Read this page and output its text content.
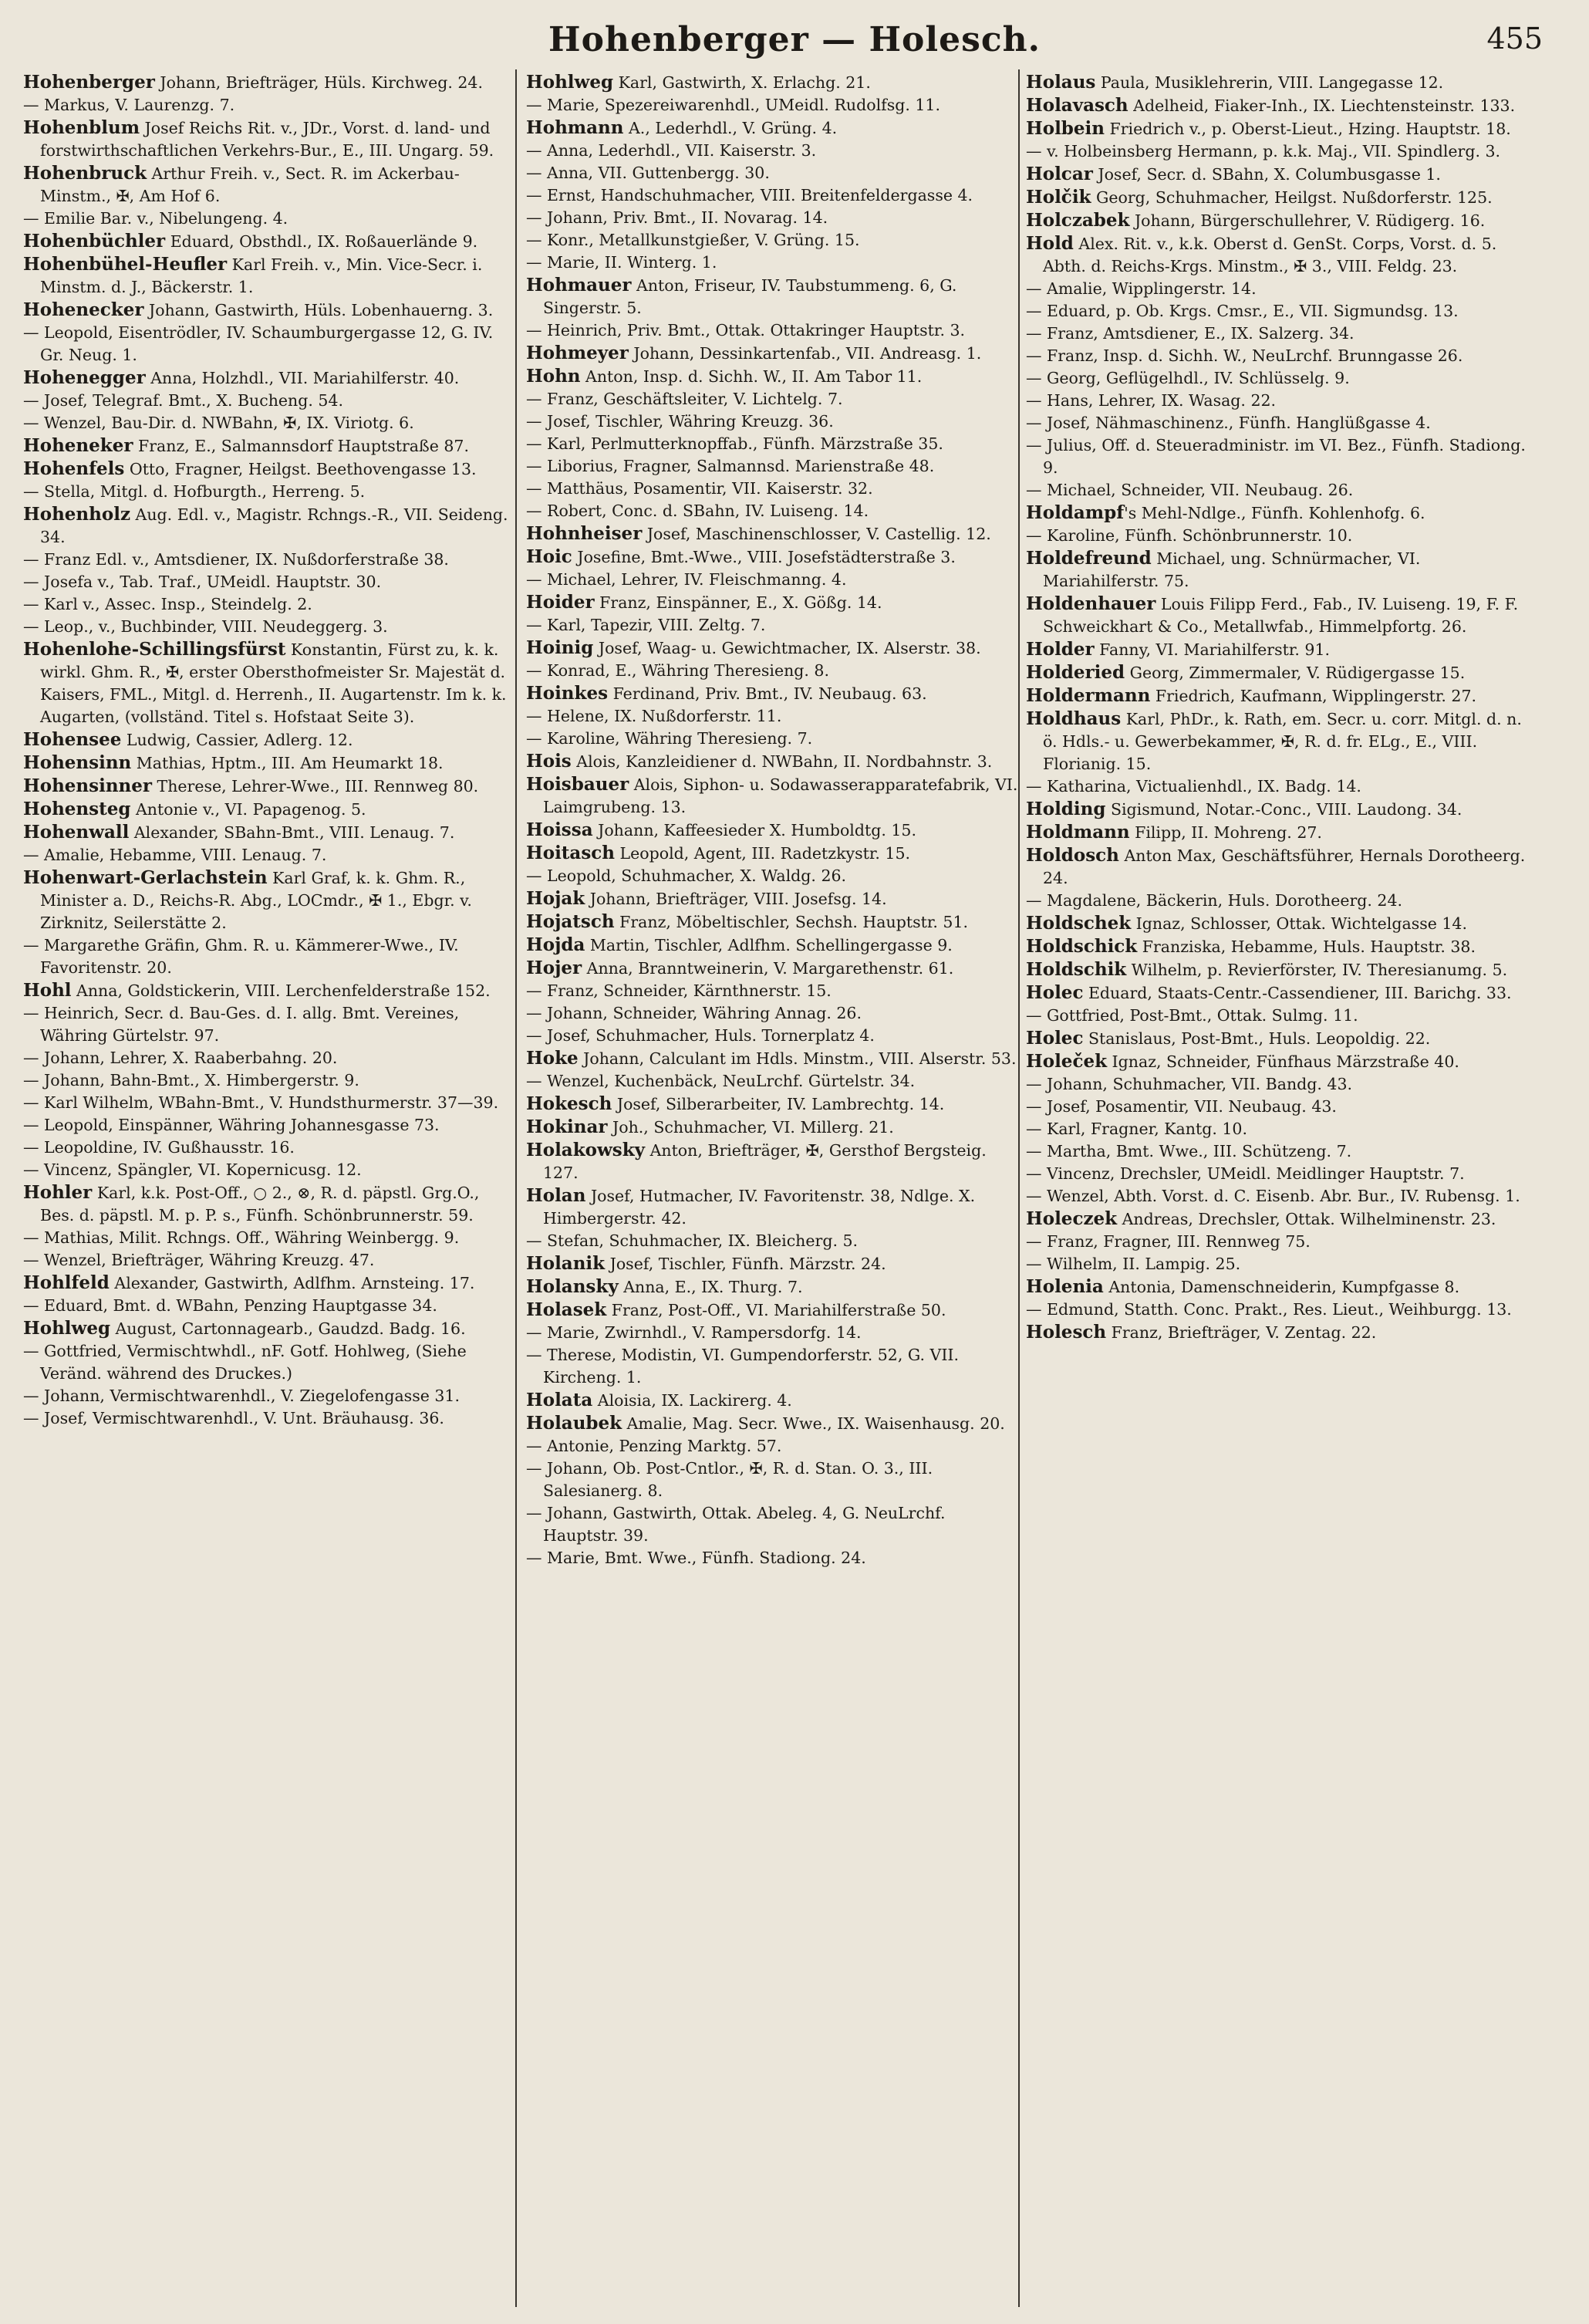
Hohenberger — Holesch.	455

Hohenberger Johann, Briefträger, Hüls. Kirchweg. 24.

— Markus, V. Laurenzg. 7.

Hohenblum Josef Reichs Rit. v., JDr., Vorst. d. land- und forstwirthschaftlichen Verkehrs-Bur., E., III. Ungarg. 59.

Hohenbruck Arthur Freih. v., Sect. R. im Ackerbau-Minstm., ✠, Am Hof 6.

— Emilie Bar. v., Nibelungeng. 4.

Hohenbüchler Eduard, Obsthdl., IX. Roßauerlände 9.

Hohenbühel-Heufler Karl Freih. v., Min. Vice-Secr. i. Minstm. d. J., Bäckerstr. 1.

Hohenecker Johann, Gastwirth, Hüls. Lobenhauerng. 3.

— Leopold, Eisentrödler, IV. Schaumburgergasse 12, G. IV. Gr. Neug. 1.

Hohenegger Anna, Holzhdl., VII. Mariahilferstr. 40.

— Josef, Telegraf. Bmt., X. Bucheng. 54.

— Wenzel, Bau-Dir. d. NWBahn, ✠, IX. Viriotg. 6.

Hoheneker Franz, E., Salmannsdorf Hauptstraße 87.

Hohenfels Otto, Fragner, Heilgst. Beethovengasse 13.

— Stella, Mitgl. d. Hofburgth., Herreng. 5.

Hohenholz Aug. Edl. v., Magistr. Rchngs.-R., VII. Seideng. 34.

— Franz Edl. v., Amtsdiener, IX. Nußdorferstraße 38.

— Josefa v., Tab. Traf., UMeidl. Hauptstr. 30.

— Karl v., Assec. Insp., Steindelg. 2.

— Leop., v., Buchbinder, VIII. Neudeggerg. 3.

Hohenlohe-Schillingsfürst Konstantin, Fürst zu, k. k. wirkl. Ghm. R., ✠, erster Obersthofmeister Sr. Majestät d. Kaisers, FML., Mitgl. d. Herrenh., II. Augartenstr. Im k. k. Augarten, (vollständ. Titel s. Hofstaat Seite 3).

Hohensee Ludwig, Cassier, Adlerg. 12.

Hohensinn Mathias, Hptm., III. Am Heumarkt 18.

Hohensinner Therese, Lehrer-Wwe., III. Rennweg 80.

Hohensteg Antonie v., VI. Papagenog. 5.

Hohenwall Alexander, SBahn-Bmt., VIII. Lenaug. 7.

— Amalie, Hebamme, VIII. Lenaug. 7.

Hohenwart-Gerlachstein Karl Graf, k. k. Ghm. R., Minister a. D., Reichs-R. Abg., LOCmdr., ✠ 1., Ebgr. v. Zirknitz, Seilerstätte 2.

— Margarethe Gräfin, Ghm. R. u. Kämmerer-Wwe., IV. Favoritenstr. 20.

Hohl Anna, Goldstickerin, VIII. Lerchenfelderstraße 152.

— Heinrich, Secr. d. Bau-Ges. d. I. allg. Bmt. Vereines, Währing Gürtelstr. 97.

— Johann, Lehrer, X. Raaberbahng. 20.

— Johann, Bahn-Bmt., X. Himbergerstr. 9.

— Karl Wilhelm, WBahn-Bmt., V. Hundsthurmerstr. 37—39.

— Leopold, Einspänner, Währing Johannesgasse 73.

— Leopoldine, IV. Gußhausstr. 16.

— Vincenz, Spängler, VI. Kopernicusg. 12.

Hohler Karl, k.k. Post-Off., ○ 2., ⊗, R. d. päpstl. Grg.O., Bes. d. päpstl. M. p. P. s., Fünfh. Schönbrunnerstr. 59.

— Mathias, Milit. Rchngs. Off., Währing Weinbergg. 9.

— Wenzel, Briefträger, Währing Kreuzg. 47.

Hohlfeld Alexander, Gastwirth, Adlfhm. Arnsteing. 17.

— Eduard, Bmt. d. WBahn, Penzing Hauptgasse 34.

Hohlweg August, Cartonnagearb., Gaudzd. Badg. 16.

— Gottfried, Vermischtwhdl., nF. Gotf. Hohlweg, (Siehe Veränd. während des Druckes.)

— Johann, Vermischtwarenhdl., V. Ziegelofengasse 31.

— Josef, Vermischtwarenhdl., V. Unt. Bräuhausg. 36.

Hohlweg Karl, Gastwirth, X. Erlachg. 21.

— Marie, Spezereiwarenhdl., UMeidl. Rudolfsg. 11.

Hohmann A., Lederhdl., V. Grüng. 4.

— Anna, Lederhdl., VII. Kaiserstr. 3.

— Anna, VII. Guttenbergg. 30.

— Ernst, Handschuhmacher, VIII. Breitenfeldergasse 4.

— Johann, Priv. Bmt., II. Novarag. 14.

— Konr., Metallkunstgießer, V. Grüng. 15.

— Marie, II. Winterg. 1.

Hohmauer Anton, Friseur, IV. Taubstummeng. 6, G. Singerstr. 5.

— Heinrich, Priv. Bmt., Ottak. Ottakringer Hauptstr. 3.

Hohmeyer Johann, Dessinkartenfab., VII. Andreasg. 1.

Hohn Anton, Insp. d. Sichh. W., II. Am Tabor 11.

— Franz, Geschäftsleiter, V. Lichtelg. 7.

— Josef, Tischler, Währing Kreuzg. 36.

— Karl, Perlmutterknopffab., Fünfh. Märzstraße 35.

— Liborius, Fragner, Salmannsd. Marienstraße 48.

— Matthäus, Posamentir, VII. Kaiserstr. 32.

— Robert, Conc. d. SBahn, IV. Luiseng. 14.

Hohnheiser Josef, Maschinenschlosser, V. Castellig. 12.

Hoic Josefine, Bmt.-Wwe., VIII. Josefstädterstraße 3.

— Michael, Lehrer, IV. Fleischmanng. 4.

Hoider Franz, Einspänner, E., X. Gößg. 14.

— Karl, Tapezir, VIII. Zeltg. 7.

Hoinig Josef, Waag- u. Gewichtmacher, IX. Alserstr. 38.

— Konrad, E., Währing Theresieng. 8.

Hoinkes Ferdinand, Priv. Bmt., IV. Neubaug. 63.

— Helene, IX. Nußdorferstr. 11.

— Karoline, Währing Theresieng. 7.

Hois Alois, Kanzleidiener d. NWBahn, II. Nordbahnstr. 3.

Hoisbauer Alois, Siphon- u. Sodawasserapparatefabrik, VI. Laimgrubeng. 13.

Hoissa Johann, Kaffeesieder X. Humboldtg. 15.

Hoitasch Leopold, Agent, III. Radetzkystr. 15.

— Leopold, Schuhmacher, X. Waldg. 26.

Hojak Johann, Briefträger, VIII. Josefsg. 14.

Hojatsch Franz, Möbeltischler, Sechsh. Hauptstr. 51.

Hojda Martin, Tischler, Adlfhm. Schellingergasse 9.

Hojer Anna, Branntweinerin, V. Margarethenstr. 61.

— Franz, Schneider, Kärnthnerstr. 15.

— Johann, Schneider, Währing Annag. 26.

— Josef, Schuhmacher, Huls. Tornerplatz 4.

Hoke Johann, Calculant im Hdls. Minstm., VIII. Alserstr. 53.

— Wenzel, Kuchenbäck, NeuLrchf. Gürtelstr. 34.

Hokesch Josef, Silberarbeiter, IV. Lambrechtg. 14.

Hokinar Joh., Schuhmacher, VI. Millerg. 21.

Holakowsky Anton, Briefträger, ✠, Gersthof Bergsteig. 127.

Holan Josef, Hutmacher, IV. Favoritenstr. 38, Ndlge. X. Himbergerstr. 42.

— Stefan, Schuhmacher, IX. Bleicherg. 5.

Holanik Josef, Tischler, Fünfh. Märzstr. 24.

Holansky Anna, E., IX. Thurg. 7.

Holasek Franz, Post-Off., VI. Mariahilferstraße 50.

— Marie, Zwirnhdl., V. Rampersdorfg. 14.

— Therese, Modistin, VI. Gumpendorferstr. 52, G. VII. Kircheng. 1.

Holata Aloisia, IX. Lackirerg. 4.

Holaubek Amalie, Mag. Secr. Wwe., IX. Waisenhausg. 20.

— Antonie, Penzing Marktg. 57.

— Johann, Ob. Post-Cntlor., ✠, R. d. Stan. O. 3., III. Salesianerg. 8.

— Johann, Gastwirth, Ottak. Abeleg. 4, G. NeuLrchf. Hauptstr. 39.

— Marie, Bmt. Wwe., Fünfh. Stadiong. 24.

Holaus Paula, Musiklehrerin, VIII. Langegasse 12.

Holavasch Adelheid, Fiaker-Inh., IX. Liechtensteinstr. 133.

Holbein Friedrich v., p. Oberst-Lieut., Hzing. Hauptstr. 18.

— v. Holbeinsberg Hermann, p. k.k. Maj., VII. Spindlerg. 3.

Holcar Josef, Secr. d. SBahn, X. Columbusgasse 1.

Holčik Georg, Schuhmacher, Heilgst. Nußdorferstr. 125.

Holczabek Johann, Bürgerschullehrer, V. Rüdigerg. 16.

Hold Alex. Rit. v., k.k. Oberst d. GenSt. Corps, Vorst. d. 5. Abth. d. Reichs-Krgs. Minstm., ✠ 3., VIII. Feldg. 23.

— Amalie, Wipplingerstr. 14.

— Eduard, p. Ob. Krgs. Cmsr., E., VII. Sigmundsg. 13.

— Franz, Amtsdiener, E., IX. Salzerg. 34.

— Franz, Insp. d. Sichh. W., NeuLrchf. Brunngasse 26.

— Georg, Geflügelhdl., IV. Schlüsselg. 9.

— Hans, Lehrer, IX. Wasag. 22.

— Josef, Nähmaschinenz., Fünfh. Hanglüßgasse 4.

— Julius, Off. d. Steueradministr. im VI. Bez., Fünfh. Stadiong. 9.

— Michael, Schneider, VII. Neubaug. 26.

Holdampf's Mehl-Ndlge., Fünfh. Kohlenhofg. 6.

— Karoline, Fünfh. Schönbrunnerstr. 10.

Holdefreund Michael, ung. Schnürmacher, VI. Mariahilferstr. 75.

Holdenhauer Louis Filipp Ferd., Fab., IV. Luiseng. 19, F. F. Schweickhart & Co., Metallwfab., Himmelpfortg. 26.

Holder Fanny, VI. Mariahilferstr. 91.

Holderied Georg, Zimmermaler, V. Rüdigergasse 15.

Holdermann Friedrich, Kaufmann, Wipplingerstr. 27.

Holdhaus Karl, PhDr., k. Rath, em. Secr. u. corr. Mitgl. d. n. ö. Hdls.- u. Gewerbekammer, ✠, R. d. fr. ELg., E., VIII. Florianig. 15.

— Katharina, Victualienhdl., IX. Badg. 14.

Holding Sigismund, Notar.-Conc., VIII. Laudong. 34.

Holdmann Filipp, II. Mohreng. 27.

Holdosch Anton Max, Geschäftsführer, Hernals Dorotheerg. 24.

— Magdalene, Bäckerin, Huls. Dorotheerg. 24.

Holdschek Ignaz, Schlosser, Ottak. Wichtelgasse 14.

Holdschick Franziska, Hebamme, Huls. Hauptstr. 38.

Holdschik Wilhelm, p. Revierförster, IV. Theresianumg. 5.

Holec Eduard, Staats-Centr.-Cassendiener, III. Barichg. 33.

— Gottfried, Post-Bmt., Ottak. Sulmg. 11.

Holec Stanislaus, Post-Bmt., Huls. Leopoldig. 22.

Holeček Ignaz, Schneider, Fünfhaus Märzstraße 40.

— Johann, Schuhmacher, VII. Bandg. 43.

— Josef, Posamentir, VII. Neubaug. 43.

— Karl, Fragner, Kantg. 10.

— Martha, Bmt. Wwe., III. Schützeng. 7.

— Vincenz, Drechsler, UMeidl. Meidlinger Hauptstr. 7.

— Wenzel, Abth. Vorst. d. C. Eisenb. Abr. Bur., IV. Rubensg. 1.

Holeczek Andreas, Drechsler, Ottak. Wilhelminenstr. 23.

— Franz, Fragner, III. Rennweg 75.

— Wilhelm, II. Lampig. 25.

Holenia Antonia, Damenschneiderin, Kumpfgasse 8.

— Edmund, Statth. Conc. Prakt., Res. Lieut., Weihburgg. 13.

Holesch Franz, Briefträger, V. Zentag. 22.
